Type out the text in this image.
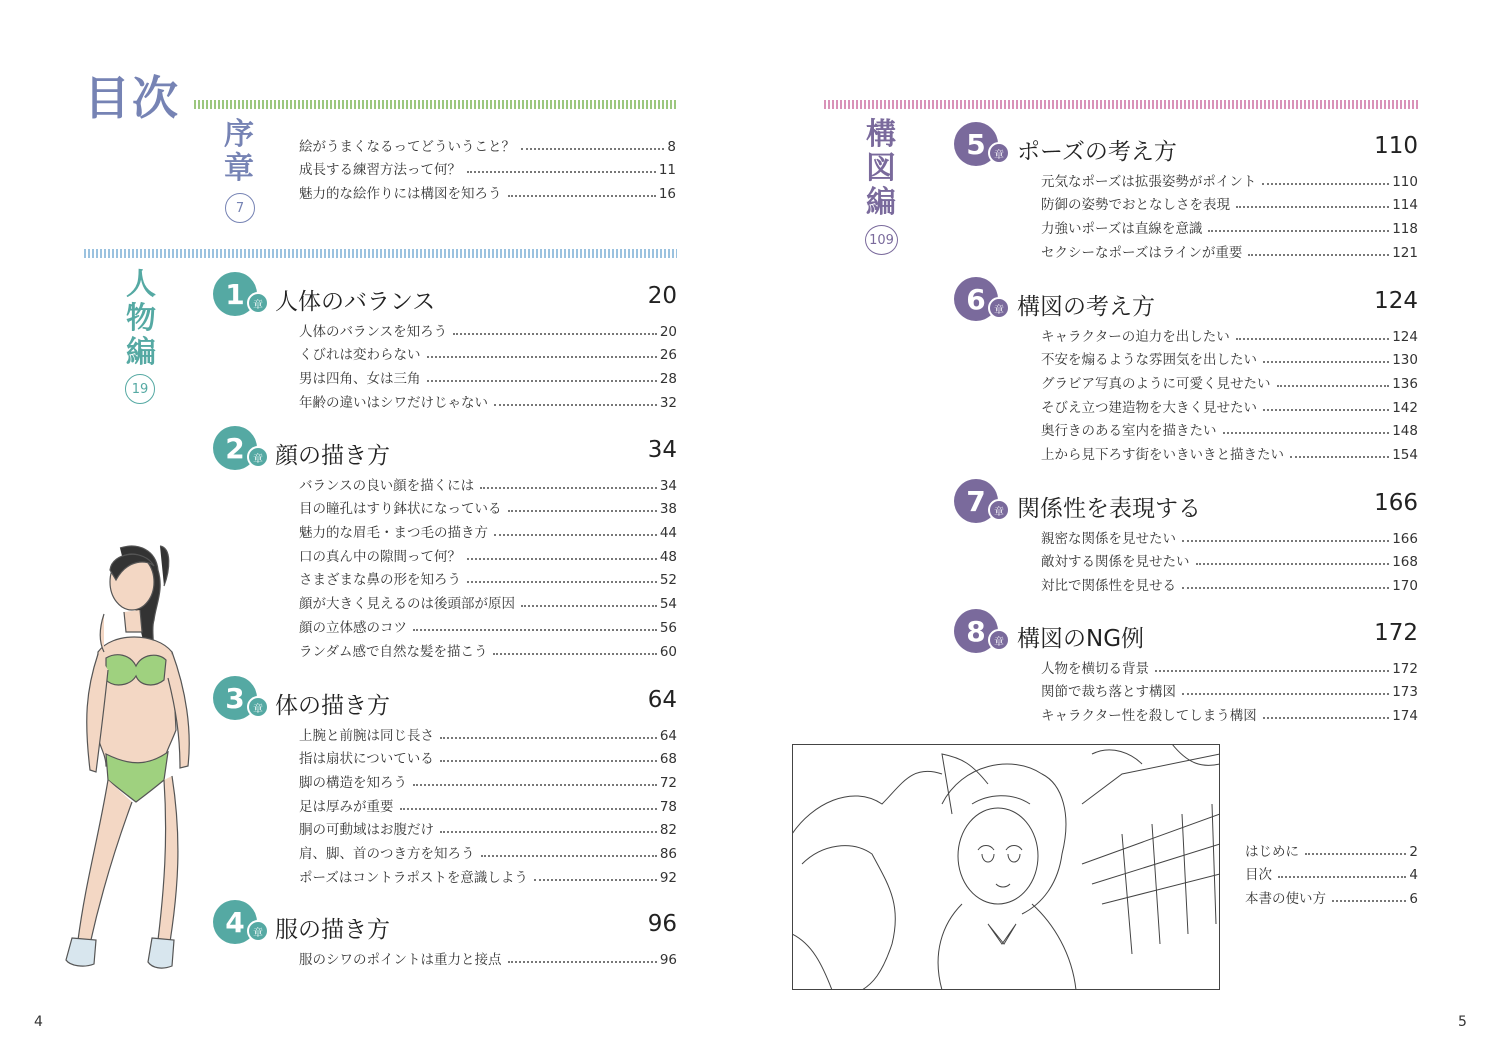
目次
序
章
7
絵がうまくなるってどういうこと？	8
成長する練習方法って何？	11
魅力的な絵作りには構図を知ろう	16
人
物
編
19
構
図
編
109
1 章 人体のバランス	20
人体のバランスを知ろう	20
くびれは変わらない	26
男は四角、女は三角	28
年齢の違いはシワだけじゃない	32
2 章 顔の描き方	34
バランスの良い顔を描くには	34
目の瞳孔はすり鉢状になっている	38
魅力的な眉毛・まつ毛の描き方	44
口の真ん中の隙間って何？	48
さまざまな鼻の形を知ろう	52
顔が大きく見えるのは後頭部が原因	54
顔の立体感のコツ	56
ランダム感で自然な髪を描こう	60
3 章 体の描き方	64
上腕と前腕は同じ長さ	64
指は扇状についている	68
脚の構造を知ろう	72
足は厚みが重要	78
胴の可動域はお腹だけ	82
肩、脚、首のつき方を知ろう	86
ポーズはコントラポストを意識しよう	92
4 章 服の描き方	96
服のシワのポイントは重力と接点	96
5 章 ポーズの考え方	110
元気なポーズは拡張姿勢がポイント	110
防御の姿勢でおとなしさを表現	114
力強いポーズは直線を意識	118
セクシーなポーズはラインが重要	121
6 章 構図の考え方	124
キャラクターの迫力を出したい	124
不安を煽るような雰囲気を出したい	130
グラビア写真のように可愛く見せたい	136
そびえ立つ建造物を大きく見せたい	142
奥行きのある室内を描きたい	148
上から見下ろす街をいきいきと描きたい	154
7 章 関係性を表現する	166
親密な関係を見せたい	166
敵対する関係を見せたい	168
対比で関係性を見せる	170
8 章 構図のNG例	172
人物を横切る背景	172
関節で裁ち落とす構図	173
キャラクター性を殺してしまう構図	174
はじめに	2
目次	4
本書の使い方	6
4	5
